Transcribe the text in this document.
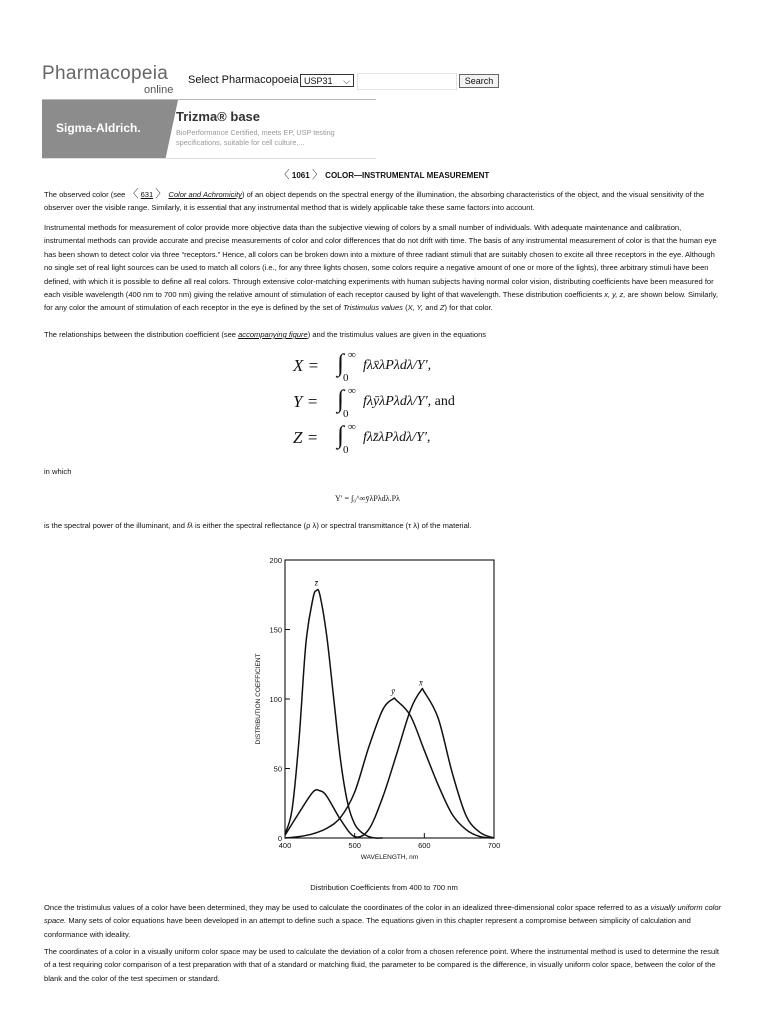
Pharmacopeia
online
Select Pharmacopoeia USP31 ⌵	Search
Sigma-Aldrich.
Trizma® base
BioPerformance Certified, meets EP, USP testing specifications, suitable for cell culture,...
〈 1061 〉 COLOR—INSTRUMENTAL MEASUREMENT
The observed color (see 〈 631 〉 Color and Achromicity) of an object depends on the spectral energy of the illumination, the absorbing characteristics of the object, and the visual sensitivity of the observer over the visible range. Similarly, it is essential that any instrumental method that is widely applicable take these same factors into account.
Instrumental methods for measurement of color provide more objective data than the subjective viewing of colors by a small number of individuals. With adequate maintenance and calibration, instrumental methods can provide accurate and precise measurements of color and color differences that do not drift with time. The basis of any instrumental measurement of color is that the human eye has been shown to detect color via three “receptors.” Hence, all colors can be broken down into a mixture of three radiant stimuli that are suitably chosen to excite all three receptors in the eye. Although no single set of real light sources can be used to match all colors (i.e., for any three lights chosen, some colors require a negative amount of one or more of the lights), three arbitrary stimuli have been defined, with which it is possible to define all real colors. Through extensive color-matching experiments with human subjects having normal color vision, distributing coefficients have been measured for each visible wavelength (400 nm to 700 nm) giving the relative amount of stimulation of each receptor caused by light of that wavelength. These distribution coefficients x, y, z, are shown below. Similarly, for any color the amount of stimulation of each receptor in the eye is defined by the set of Tristimulus values (X, Y, and Z) for that color.
The relationships between the distribution coefficient (see accompanying figure) and the tristimulus values are given in the equations
X = ∫ ∞
0
fλx̄λPλdλ/Y′,
Y = ∫ ∞
0
fλȳλPλdλ/Y′, and
Z = ∫ ∞
0
fλz̄λPλdλ/Y′,
in which
Y′ = ∫₀^∞ȳλPλdλ.Pλ
is the spectral power of the illuminant, and fλ is either the spectral reflectance (ρ λ) or spectral transmittance (τ λ) of the material.
400	500	600	700
0
50
100
150
200
WAVELENGTH, nm
DISTRIBUTION COEFFICIENT
z̄
ȳ
x̄
Distribution Coefficients from 400 to 700 nm
Once the tristimulus values of a color have been determined, they may be used to calculate the coordinates of the color in an idealized three-dimensional color space referred to as a visually uniform color space. Many sets of color equations have been developed in an attempt to define such a space. The equations given in this chapter represent a compromise between simplicity of calculation and conformance with ideality.
The coordinates of a color in a visually uniform color space may be used to calculate the deviation of a color from a chosen reference point. Where the instrumental method is used to determine the result of a test requiring color comparison of a test preparation with that of a standard or matching fluid, the parameter to be compared is the difference, in visually uniform color space, between the color of the blank and the color of the test specimen or standard.
